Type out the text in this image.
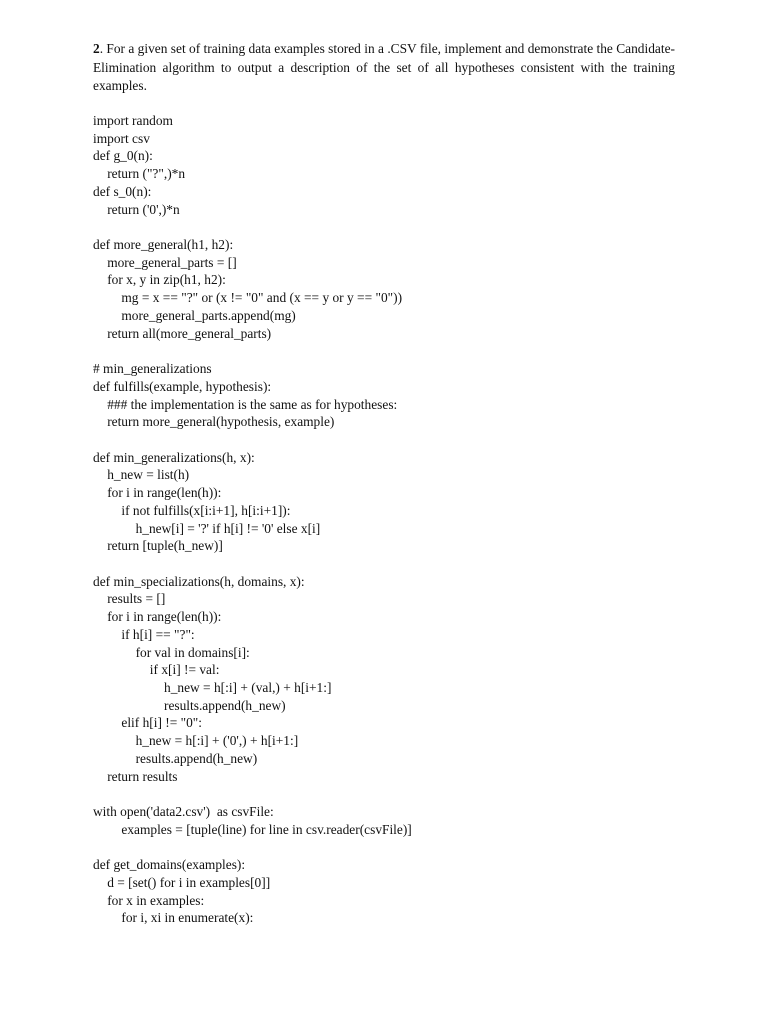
2. For a given set of training data examples stored in a .CSV file, implement and demonstrate the Candidate-Elimination algorithm to output a description of the set of all hypotheses consistent with the training examples.

import random
import csv
def g_0(n):
return ("?",)*n
def s_0(n):
return ('0',)*n
def more_general(h1, h2):
more_general_parts = []
for x, y in zip(h1, h2):
mg = x == "?" or (x != "0" and (x == y or y == "0"))
more_general_parts.append(mg)
return all(more_general_parts)
# min_generalizations
def fulfills(example, hypothesis):
### the implementation is the same as for hypotheses:
return more_general(hypothesis, example)
def min_generalizations(h, x):
h_new = list(h)
for i in range(len(h)):
if not fulfills(x[i:i+1], h[i:i+1]):
h_new[i] = '?' if h[i] != '0' else x[i]
return [tuple(h_new)]
def min_specializations(h, domains, x):
results = []
for i in range(len(h)):
if h[i] == "?":
for val in domains[i]:
if x[i] != val:
h_new = h[:i] + (val,) + h[i+1:]
results.append(h_new)
elif h[i] != "0":
h_new = h[:i] + ('0',) + h[i+1:]
results.append(h_new)
return results
with open('data2.csv')  as csvFile:
examples = [tuple(line) for line in csv.reader(csvFile)]
def get_domains(examples):
d = [set() for i in examples[0]]
for x in examples:
for i, xi in enumerate(x):
